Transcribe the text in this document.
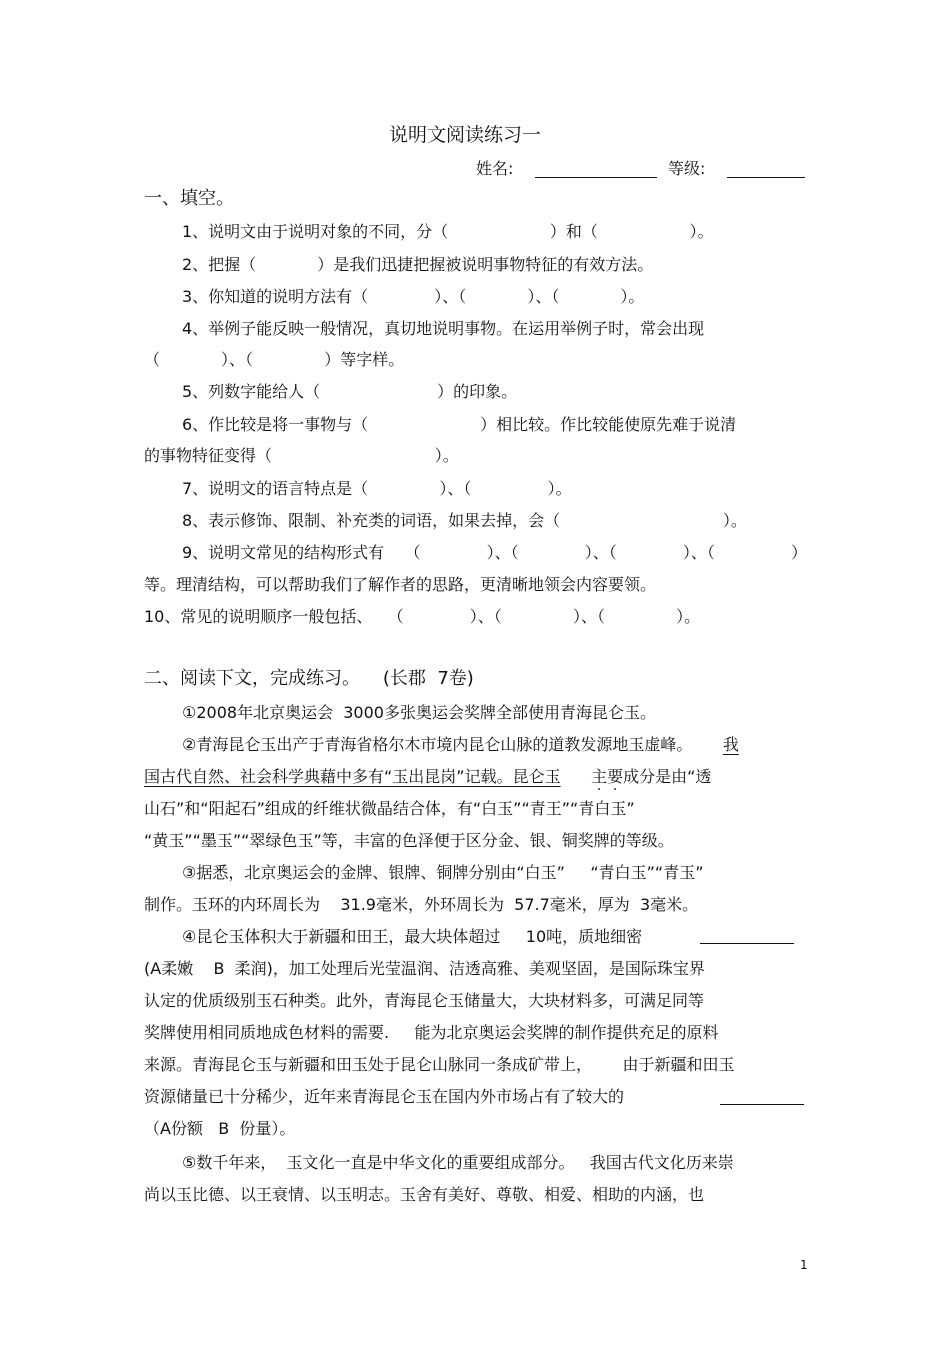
说明文阅读练习一
姓名:	等级:
一、填空。
1、说明文由于说明对象的不同，分（                    ）和（                  ）。
2、把握（            ）是我们迅捷把握被说明事物特征的有效方法。
3、你知道的说明方法有（             ）、（            ）、（            ）。
4、举例子能反映一般情况，真切地说明事物。在运用举例子时，常会出现
（            ）、（              ）等字样。
5、列数字能给人（                       ）的印象。
6、作比较是将一事物与（                      ）相比较。作比较能使原先难于说清
的事物特征变得（                                ）。
7、说明文的语言特点是（              ）、（               ）。
8、表示修饰、限制、补充类的词语，如果去掉，会（                                ）。
9、说明文常见的结构形式有    （             ）、（             ）、（             ）、（               ）
等。理清结构，可以帮助我们了解作者的思路，更清晰地领会内容要领。
10、常见的说明顺序一般包括、   （             ）、（              ）、（              ）。
二、阅读下文，完成练习。    (长郡  7卷)
①2008年北京奥运会  3000多张奥运会奖牌全部使用青海昆仑玉。
②青海昆仑玉出产于青海省格尔木市境内昆仑山脉的道教发源地玉虚峰。      我
国古代自然、社会科学典藉中多有“玉出昆岗”记载。昆仑玉 主要成分是由“透
山石”和“阳起石”组成的纤维状微晶结合体，有“白玉”“青王”“青白玉”
“黄玉”“墨玉”“翠绿色玉”等，丰富的色泽便于区分金、银、铜奖牌的等级。
③据悉，北京奥运会的金牌、银牌、铜牌分别由“白玉”     “青白玉”“青玉”
制作。玉环的内环周长为    31.9毫米，外环周长为  57.7毫米，厚为  3毫米。
④昆仑玉体积大于新疆和田王，最大块体超过     10吨，质地细密
(A柔嫩    B  柔润)，加工处理后光莹温润、洁透高雅、美观坚固，是国际珠宝界
认定的优质级别玉石种类。此外，青海昆仑玉储量大，大块材料多，可满足同等
奖牌使用相同质地成色材料的需要.     能为北京奥运会奖牌的制作提供充足的原料
来源。青海昆仑玉与新疆和田玉处于昆仑山脉同一条成矿带上，      由于新疆和田玉
资源储量已十分稀少，近年来青海昆仑玉在国内外市场占有了较大的
（A份额   B  份量）。
⑤数千年来，  玉文化一直是中华文化的重要组成部分。   我国古代文化历来崇
尚以玉比德、以王衰情、以玉明志。玉舍有美好、尊敬、相爱、相助的内涵，也
1
